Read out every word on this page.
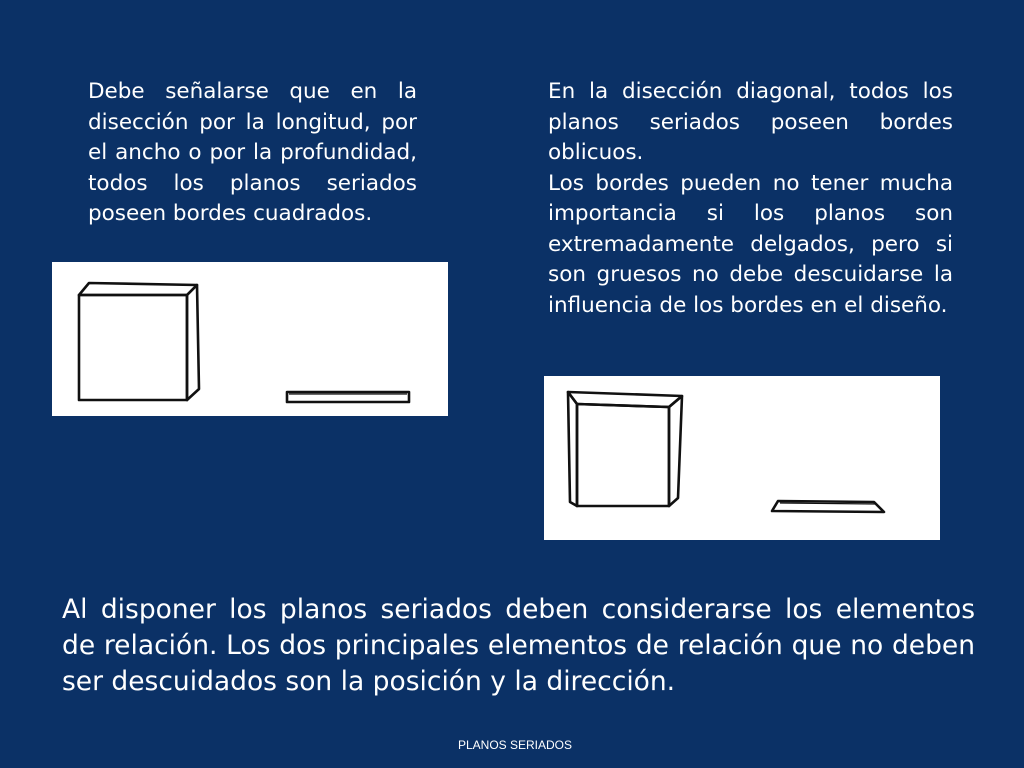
Debe señalarse que en la disección por la longitud, por el ancho o por la profundidad, todos los planos seriados poseen bordes cuadrados.

En la disección diagonal, todos los planos seriados poseen bordes oblicuos.

Los bordes pueden no tener mucha importancia si los planos son extremadamente delgados, pero si son gruesos no debe descuidarse la influencia de los bordes en el diseño.

Al disponer los planos seriados deben considerarse los elementos de relación. Los dos principales elementos de relación que no deben ser descuidados son la posición y la dirección.

PLANOS SERIADOS
